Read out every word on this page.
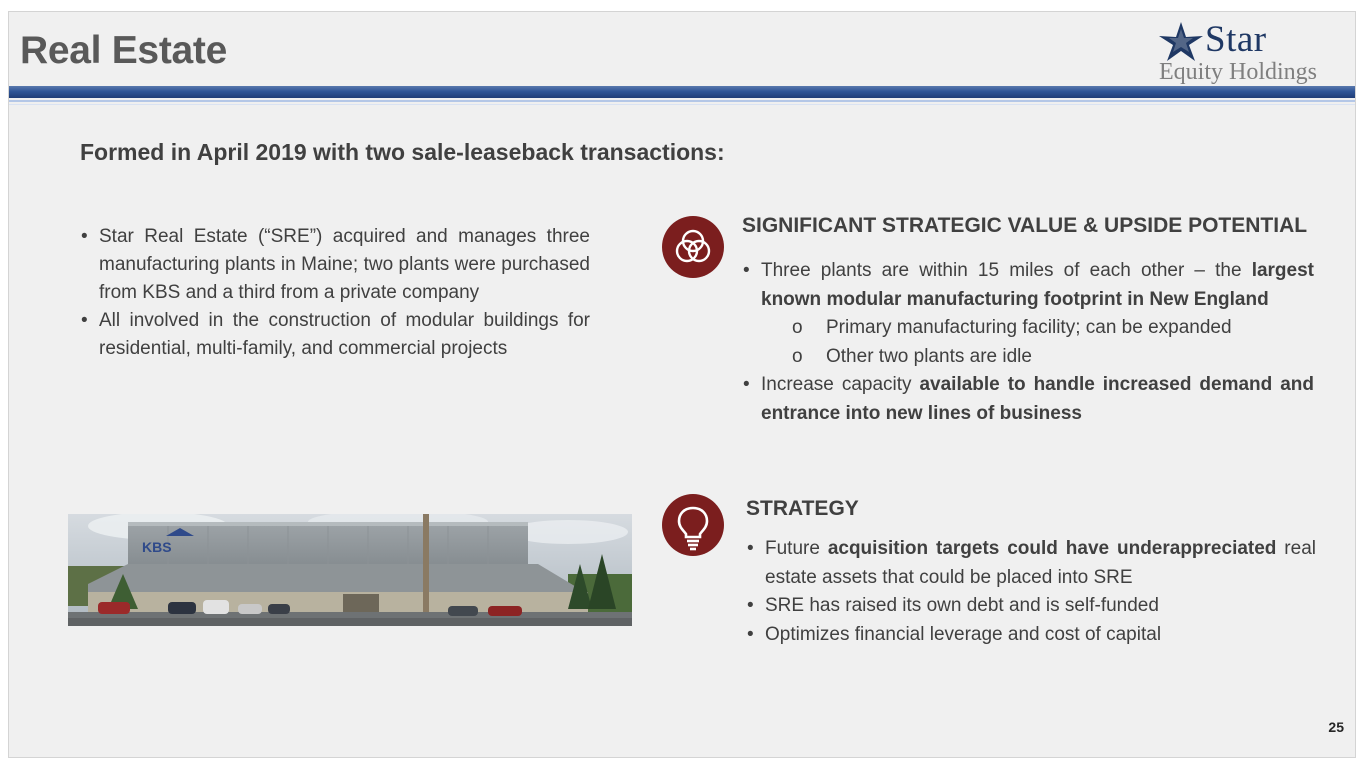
Real Estate	Star
Equity Holdings
Formed in April 2019 with two sale-leaseback transactions:
• Star Real Estate (“SRE”) acquired and manages three manufacturing plants in Maine; two plants were purchased from KBS and a third from a private company
• All involved in the construction of modular buildings for residential, multi-family, and commercial projects
KBS
SIGNIFICANT STRATEGIC VALUE & UPSIDE POTENTIAL
• Three plants are within 15 miles of each other – the largest known modular manufacturing footprint in New England
o Primary manufacturing facility; can be expanded
o Other two plants are idle
• Increase capacity available to handle increased demand and entrance into new lines of business
STRATEGY
• Future acquisition targets could have underappreciated real estate assets that could be placed into SRE
• SRE has raised its own debt and is self-funded
• Optimizes financial leverage and cost of capital
25
